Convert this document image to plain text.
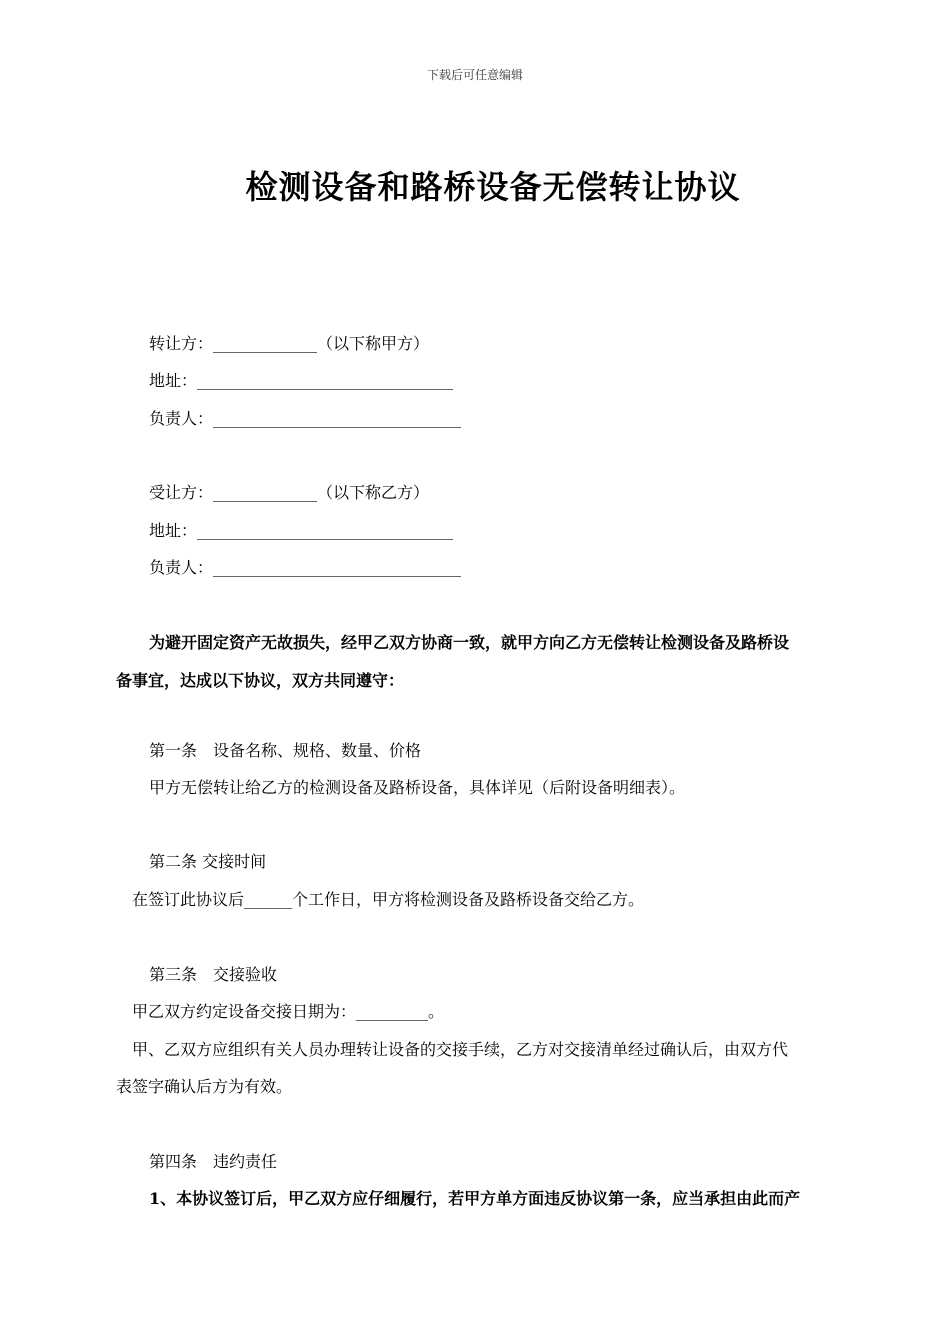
下载后可任意编辑
检测设备和路桥设备无偿转让协议
转让方：_____________（以下称甲方）
地址：________________________________
负责人：_______________________________
受让方：_____________（以下称乙方）
地址：________________________________
负责人：_______________________________
为避开固定资产无故损失，经甲乙双方协商一致，就甲方向乙方无偿转让检测设备及路桥设
备事宜，达成以下协议，双方共同遵守：
第一条　设备名称、规格、数量、价格
甲方无偿转让给乙方的检测设备及路桥设备，具体详见（后附设备明细表）。
第二条 交接时间
在签订此协议后______个工作日，甲方将检测设备及路桥设备交给乙方。
第三条　交接验收
甲乙双方约定设备交接日期为：_________。
甲、乙双方应组织有关人员办理转让设备的交接手续，乙方对交接清单经过确认后，由双方代
表签字确认后方为有效。
第四条　违约责任
1、本协议签订后，甲乙双方应仔细履行，若甲方单方面违反协议第一条，应当承担由此而产
